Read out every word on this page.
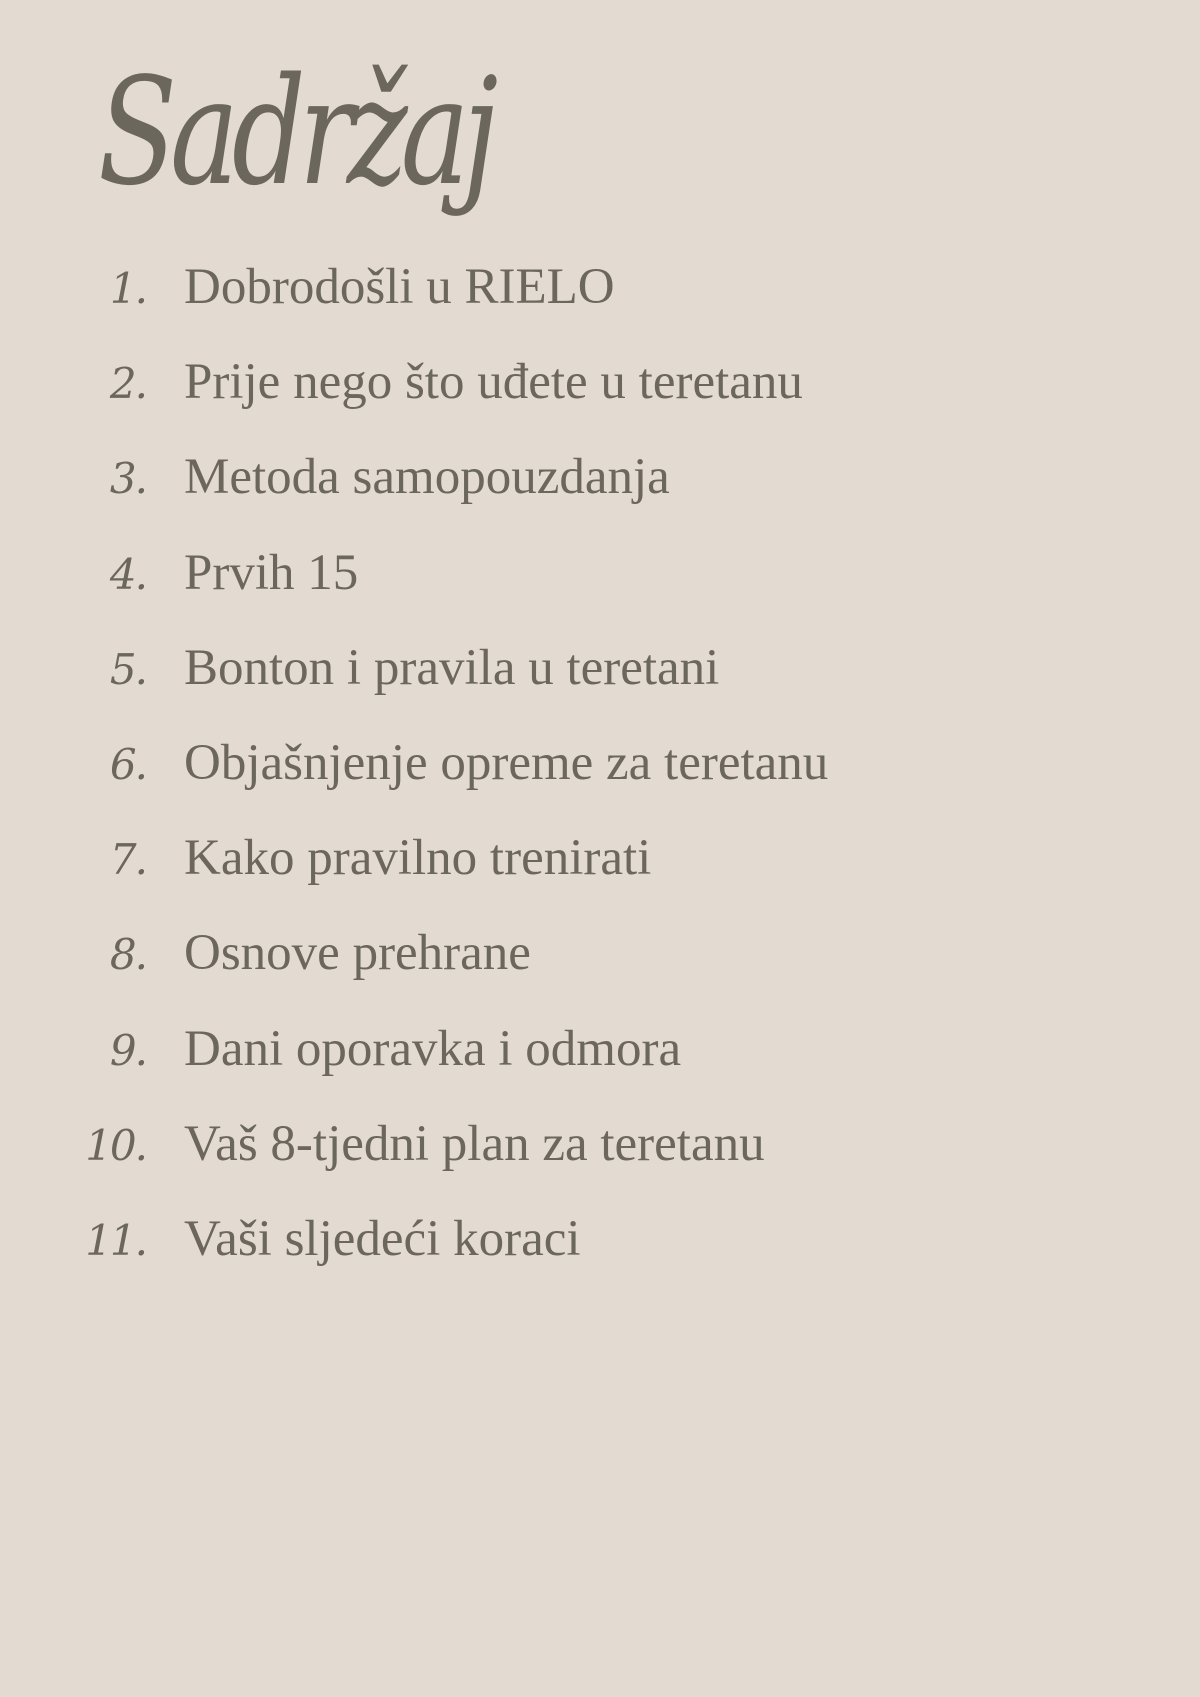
Sadržaj
1. Dobrodošli u RIELO
2. Prije nego što uđete u teretanu
3. Metoda samopouzdanja
4. Prvih 15
5. Bonton i pravila u teretani
6. Objašnjenje opreme za teretanu
7. Kako pravilno trenirati
8. Osnove prehrane
9. Dani oporavka i odmora
10. Vaš 8-tjedni plan za teretanu
11. Vaši sljedeći koraci
